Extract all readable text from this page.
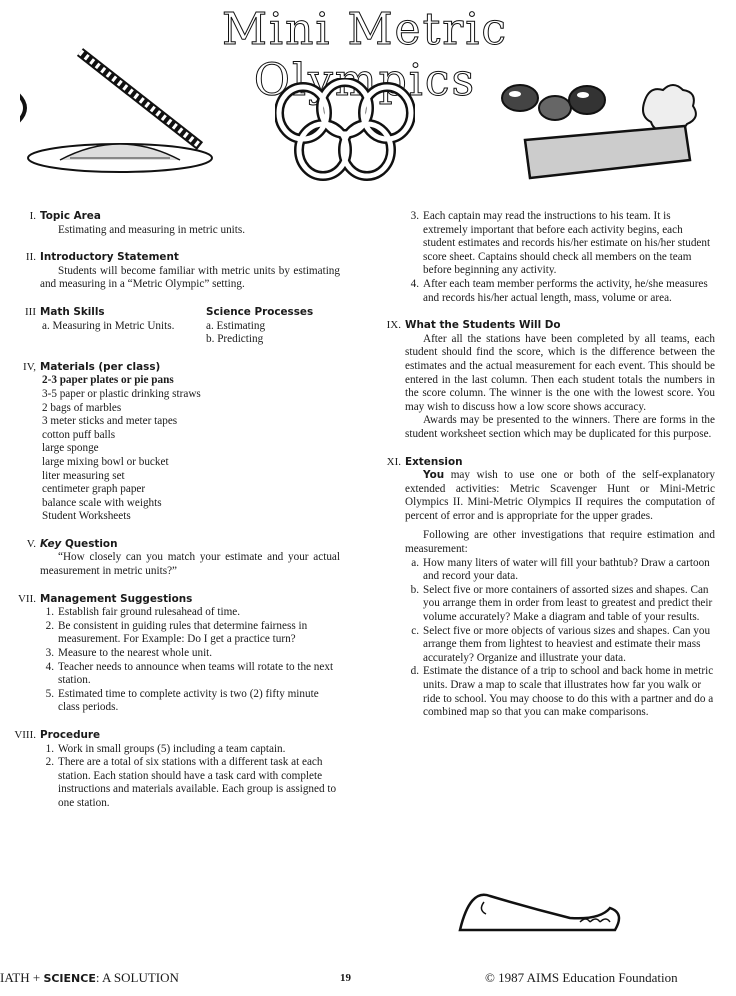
Mini Metric Olympics
I. Topic Area

Estimating and measuring in metric units.

II. Introductory Statement

Students will become familiar with metric units by estimating and measuring in a “Metric Olympic” setting.

III Math Skills

a. Measuring in Metric Units.

Science Processes

a. Estimating

b. Predicting

IV, Materials (per class)

2-3 paper plates or pie pans
3-5 paper or plastic drinking straws
2 bags of marbles
3 meter sticks and meter tapes
cotton puff balls
large sponge
large mixing bowl or bucket
liter measuring set
centimeter graph paper
balance scale with weights
Student Worksheets
V. Key Question

“How closely can you match your estimate and your actual measurement in metric units?”

VII. Management Suggestions

1. Establish fair ground rulesahead of time.
2. Be consistent in guiding rules that determine fairness in measurement. For Example: Do I get a practice turn?
3. Measure to the nearest whole unit.
4. Teacher needs to announce when teams will rotate to the next station.
5. Estimated time to complete activity is two (2) fifty minute class periods.
VIII. Procedure

1. Work in small groups (5) including a team captain.
2. There are a total of six stations with a different task at each station. Each station should have a task card with complete instructions and materials available. Each group is assigned to one station.
3. Each captain may read the instructions to his team. It is extremely important that before each activity begins, each student estimates and records his/her estimate on his/her student score sheet. Captains should check all members on the team before beginning any activity.
4. After each team member performs the activity, he/she measures and records his/her actual length, mass, volume or area.
IX. What the Students Will Do

After all the stations have been completed by all teams, each student should find the score, which is the difference between the estimates and the actual measurement for each event. This should be entered in the last column. Then each student totals the numbers in the score column. The winner is the one with the lowest score. You may wish to discuss how a low score shows accuracy.

Awards may be presented to the winners. There are forms in the student worksheet section which may be duplicated for this purpose.

XI. Extension

You may wish to use one or both of the self-explanatory extended activities: Metric Scavenger Hunt or Mini-Metric Olympics II. Mini-Metric Olympics II requires the computation of percent of error and is appropriate for the upper grades.

Following are other investigations that require estimation and measurement:

a. How many liters of water will fill your bathtub? Draw a cartoon and record your data.
b. Select five or more containers of assorted sizes and shapes. Can you arrange them in order from least to greatest and predict their volume accurately? Make a diagram and table of your results.
c. Select five or more objects of various sizes and shapes. Can you arrange them from lightest to heaviest and estimate their mass accurately? Organize and illustrate your data.
d. Estimate the distance of a trip to school and back home in metric units. Draw a map to scale that illustrates how far you walk or ride to school. You may choose to do this with a partner and do a combined map so that you can make comparisons.
IATH + SCIENCE: A SOLUTION	19	© 1987 AIMS Education Foundation
